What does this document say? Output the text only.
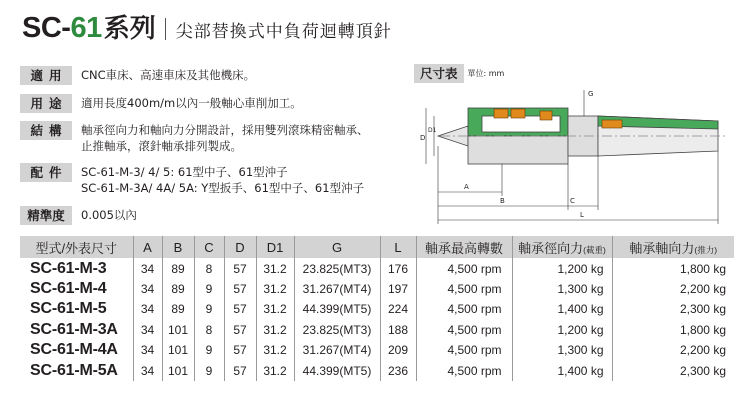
SC-61 系列 尖部替換式中負荷迴轉頂針
適用	CNC車床、高速車床及其他機床。
用途	適用長度400m/m以內一般軸心車削加工。
結構	軸承徑向力和軸向力分開設計，採用雙列滾珠精密軸承、
止推軸承，滾針軸承排列製成。
配件	SC-61-M-3/ 4/ 5: 61型中子、61型沖子
SC-61-M-3A/ 4A/ 5A: Y型扳手、61型中子、61型沖子
精準度	0.005以內
尺寸表	單位: mm
A
B	C
L
D
D1
G
型式/外表尺寸	A	B	C	D	D1	G	L	軸承最高轉數	軸承徑向力(載重)	軸承軸向力(推力)
SC-61-M-3	34	89	8	57	31.2	23.825(MT3)	176	4,500 rpm	1,200 kg	1,800 kg
SC-61-M-4	34	89	9	57	31.2	31.267(MT4)	197	4,500 rpm	1,300 kg	2,200 kg
SC-61-M-5	34	89	9	57	31.2	44.399(MT5)	224	4,500 rpm	1,400 kg	2,300 kg
SC-61-M-3A	34	101	8	57	31.2	23.825(MT3)	188	4,500 rpm	1,200 kg	1,800 kg
SC-61-M-4A	34	101	9	57	31.2	31.267(MT4)	209	4,500 rpm	1,300 kg	2,200 kg
SC-61-M-5A	34	101	9	57	31.2	44.399(MT5)	236	4,500 rpm	1,400 kg	2,300 kg
